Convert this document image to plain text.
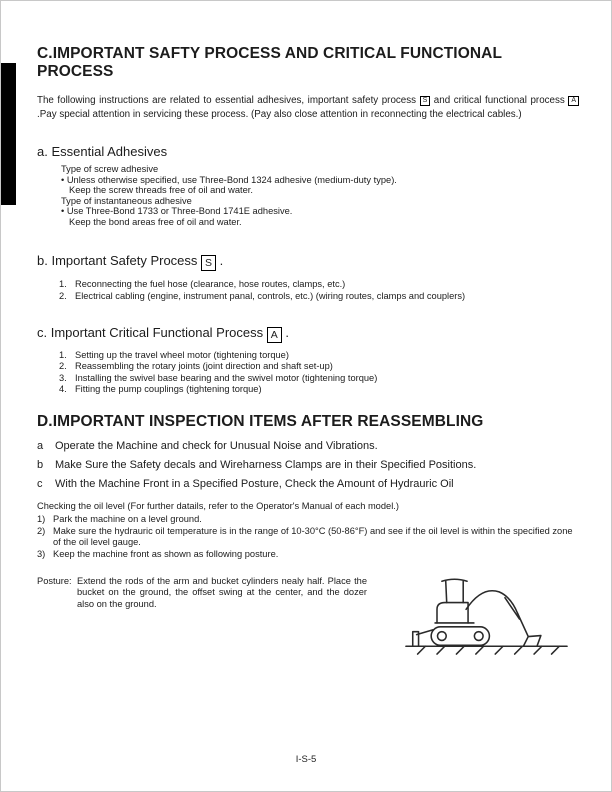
C.IMPORTANT SAFTY PROCESS AND CRITICAL FUNCTIONAL PROCESS
The following instructions are related to essential adhesives, important safety process S and critical functional process A .Pay special attention in servicing these process. (Pay also close attention in reconnecting the electrical cables.)
a. Essential Adhesives
Type of screw adhesive
• Unless otherwise specified, use Three-Bond 1324 adhesive (medium-duty type).
Keep the screw threads free of oil and water.
Type of instantaneous adhesive
• Use Three-Bond 1733 or Three-Bond 1741E adhesive.
Keep the bond areas free of oil and water.
b. Important Safety Process S .
1. Reconnecting the fuel hose (clearance, hose routes, clamps, etc.)
2. Electrical cabling (engine, instrument panal, controls, etc.) (wiring routes, clamps and couplers)
c. Important Critical Functional Process A .
1. Setting up the travel wheel motor (tightening torque)
2. Reassembling the rotary joints (joint direction and shaft set-up)
3. Installing the swivel base bearing and the swivel motor (tightening torque)
4. Fitting the pump couplings (tightening torque)
D.IMPORTANT INSPECTION ITEMS AFTER REASSEMBLING
a	Operate the Machine and check for Unusual Noise and Vibrations.
b	Make Sure the Safety decals and Wireharness Clamps are in their Specified Positions.
c	With the Machine Front in a Specified Posture, Check the Amount of Hydrauric Oil
Checking the oil level (For further datails, refer to the Operator's Manual of each model.)
1) Park the machine on a level ground.
2) Make sure the hydrauric oil temperature is in the range of 10-30°C (50-86°F) and see if the oil level is within the specified zone of the oil level gauge.
3) Keep the machine front as shown as following posture.
Posture: Extend the rods of the arm and bucket cylinders nealy half. Place the bucket on the ground, the offset swing at the center, and the dozer also on the ground.
I-S-5
